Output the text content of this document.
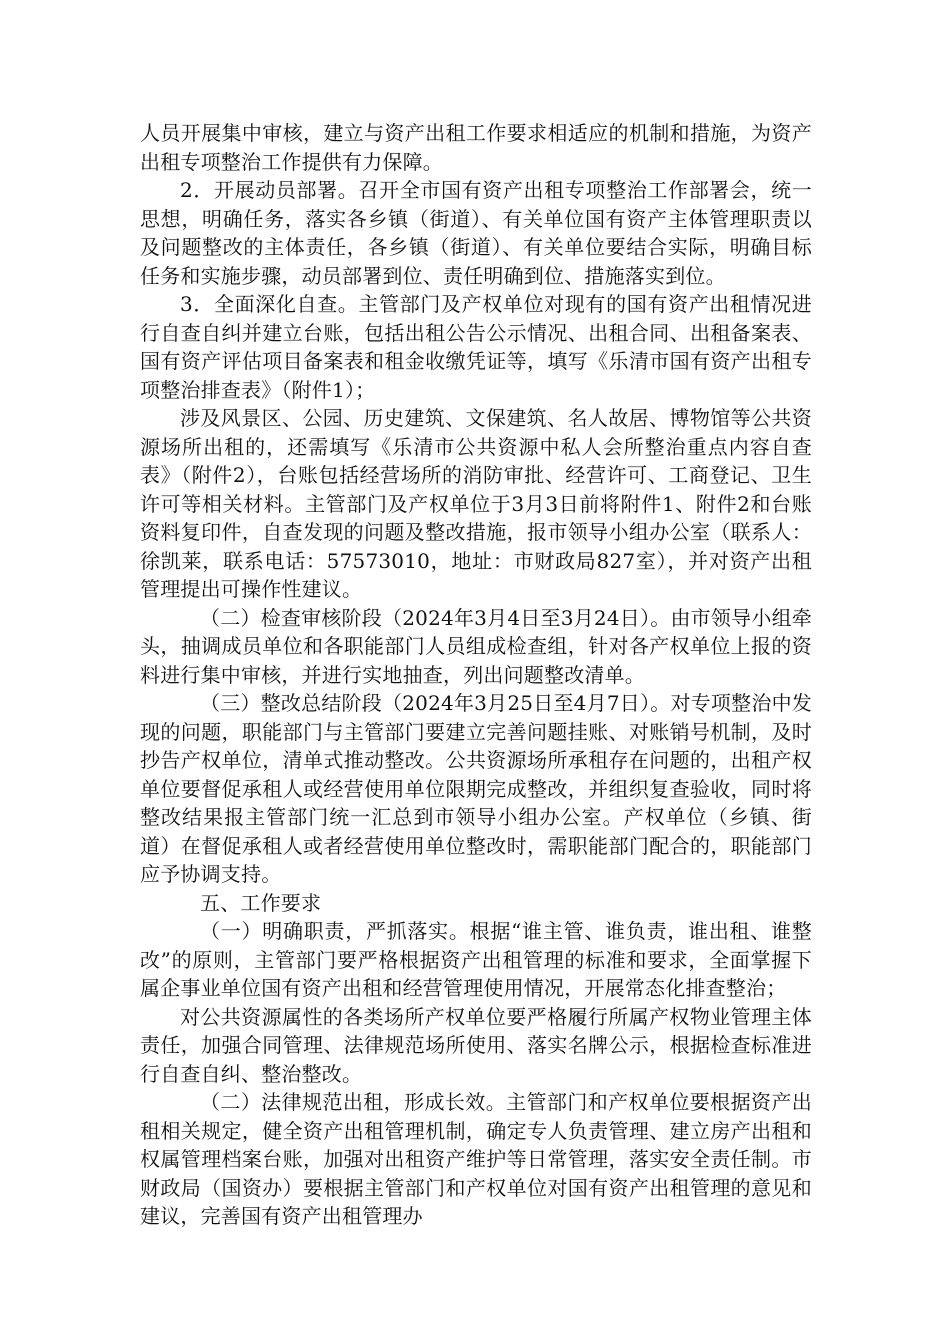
人员开展集中审核，建立与资产出租工作要求相适应的机制和措施，为资产出租专项整治工作提供有力保障。

2．开展动员部署。召开全市国有资产出租专项整治工作部署会，统一思想，明确任务，落实各乡镇（街道）、有关单位国有资产主体管理职责以及问题整改的主体责任，各乡镇（街道）、有关单位要结合实际，明确目标任务和实施步骤，动员部署到位、责任明确到位、措施落实到位。

3．全面深化自查。主管部门及产权单位对现有的国有资产出租情况进行自查自纠并建立台账，包括出租公告公示情况、出租合同、出租备案表、国有资产评估项目备案表和租金收缴凭证等，填写《乐清市国有资产出租专项整治排查表》（附件1）；

涉及风景区、公园、历史建筑、文保建筑、名人故居、博物馆等公共资源场所出租的，还需填写《乐清市公共资源中私人会所整治重点内容自查表》（附件2），台账包括经营场所的消防审批、经营许可、工商登记、卫生许可等相关材料。主管部门及产权单位于3月3日前将附件1、附件2和台账资料复印件，自查发现的问题及整改措施，报市领导小组办公室（联系人：徐凯莱，联系电话：57573010，地址：市财政局827室），并对资产出租管理提出可操作性建议。

（二）检查审核阶段（2024年3月4日至3月24日）。由市领导小组牵头，抽调成员单位和各职能部门人员组成检查组，针对各产权单位上报的资料进行集中审核，并进行实地抽查，列出问题整改清单。

（三）整改总结阶段（2024年3月25日至4月7日）。对专项整治中发现的问题，职能部门与主管部门要建立完善问题挂账、对账销号机制，及时抄告产权单位，清单式推动整改。公共资源场所承租存在问题的，出租产权单位要督促承租人或经营使用单位限期完成整改，并组织复查验收，同时将整改结果报主管部门统一汇总到市领导小组办公室。产权单位（乡镇、街道）在督促承租人或者经营使用单位整改时，需职能部门配合的，职能部门应予协调支持。

五、工作要求

（一）明确职责，严抓落实。根据“谁主管、谁负责，谁出租、谁整改”的原则，主管部门要严格根据资产出租管理的标准和要求，全面掌握下属企事业单位国有资产出租和经营管理使用情况，开展常态化排查整治；

对公共资源属性的各类场所产权单位要严格履行所属产权物业管理主体责任，加强合同管理、法律规范场所使用、落实名牌公示，根据检查标准进行自查自纠、整治整改。

（二）法律规范出租，形成长效。主管部门和产权单位要根据资产出租相关规定，健全资产出租管理机制，确定专人负责管理、建立房产出租和权属管理档案台账，加强对出租资产维护等日常管理，落实安全责任制。市财政局（国资办）要根据主管部门和产权单位对国有资产出租管理的意见和建议，完善国有资产出租管理办
